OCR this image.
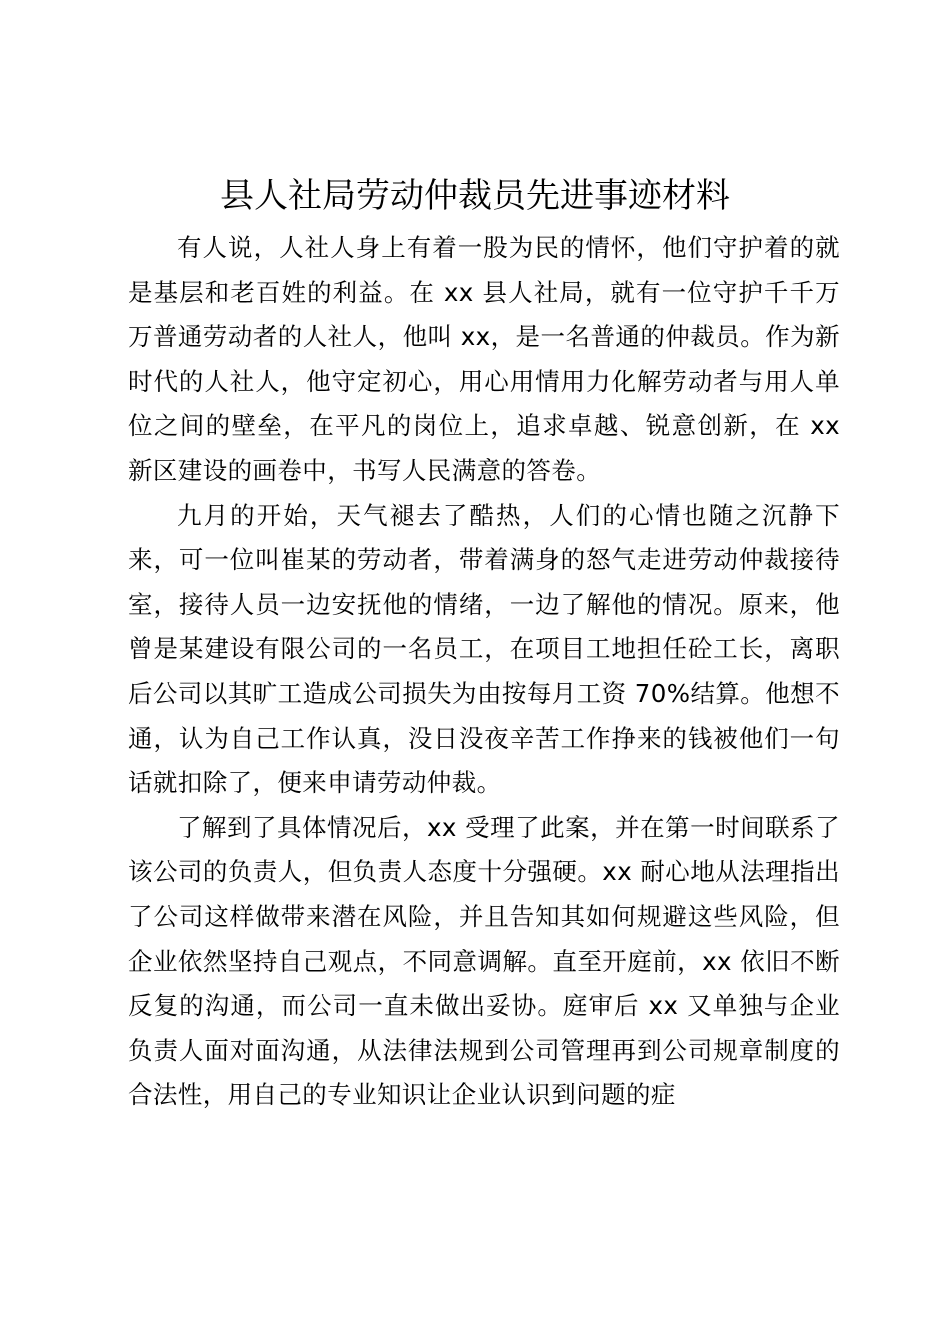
县人社局劳动仲裁员先进事迹材料

有人说，人社人身上有着一股为民的情怀，他们守护着的就是基层和老百姓的利益。在 xx 县人社局，就有一位守护千千万万普通劳动者的人社人，他叫 xx，是一名普通的仲裁员。作为新时代的人社人，他守定初心，用心用情用力化解劳动者与用人单位之间的壁垒，在平凡的岗位上，追求卓越、锐意创新，在 xx 新区建设的画卷中，书写人民满意的答卷。

九月的开始，天气褪去了酷热，人们的心情也随之沉静下来，可一位叫崔某的劳动者，带着满身的怒气走进劳动仲裁接待室，接待人员一边安抚他的情绪，一边了解他的情况。原来，他曾是某建设有限公司的一名员工，在项目工地担任砼工长，离职后公司以其旷工造成公司损失为由按每月工资 70%结算。他想不通，认为自己工作认真，没日没夜辛苦工作挣来的钱被他们一句话就扣除了，便来申请劳动仲裁。

了解到了具体情况后，xx 受理了此案，并在第一时间联系了该公司的负责人，但负责人态度十分强硬。xx 耐心地从法理指出了公司这样做带来潜在风险，并且告知其如何规避这些风险，但企业依然坚持自己观点，不同意调解。直至开庭前，xx 依旧不断反复的沟通，而公司一直未做出妥协。庭审后 xx 又单独与企业负责人面对面沟通，从法律法规到公司管理再到公司规章制度的合法性，用自己的专业知识让企业认识到问题的症
